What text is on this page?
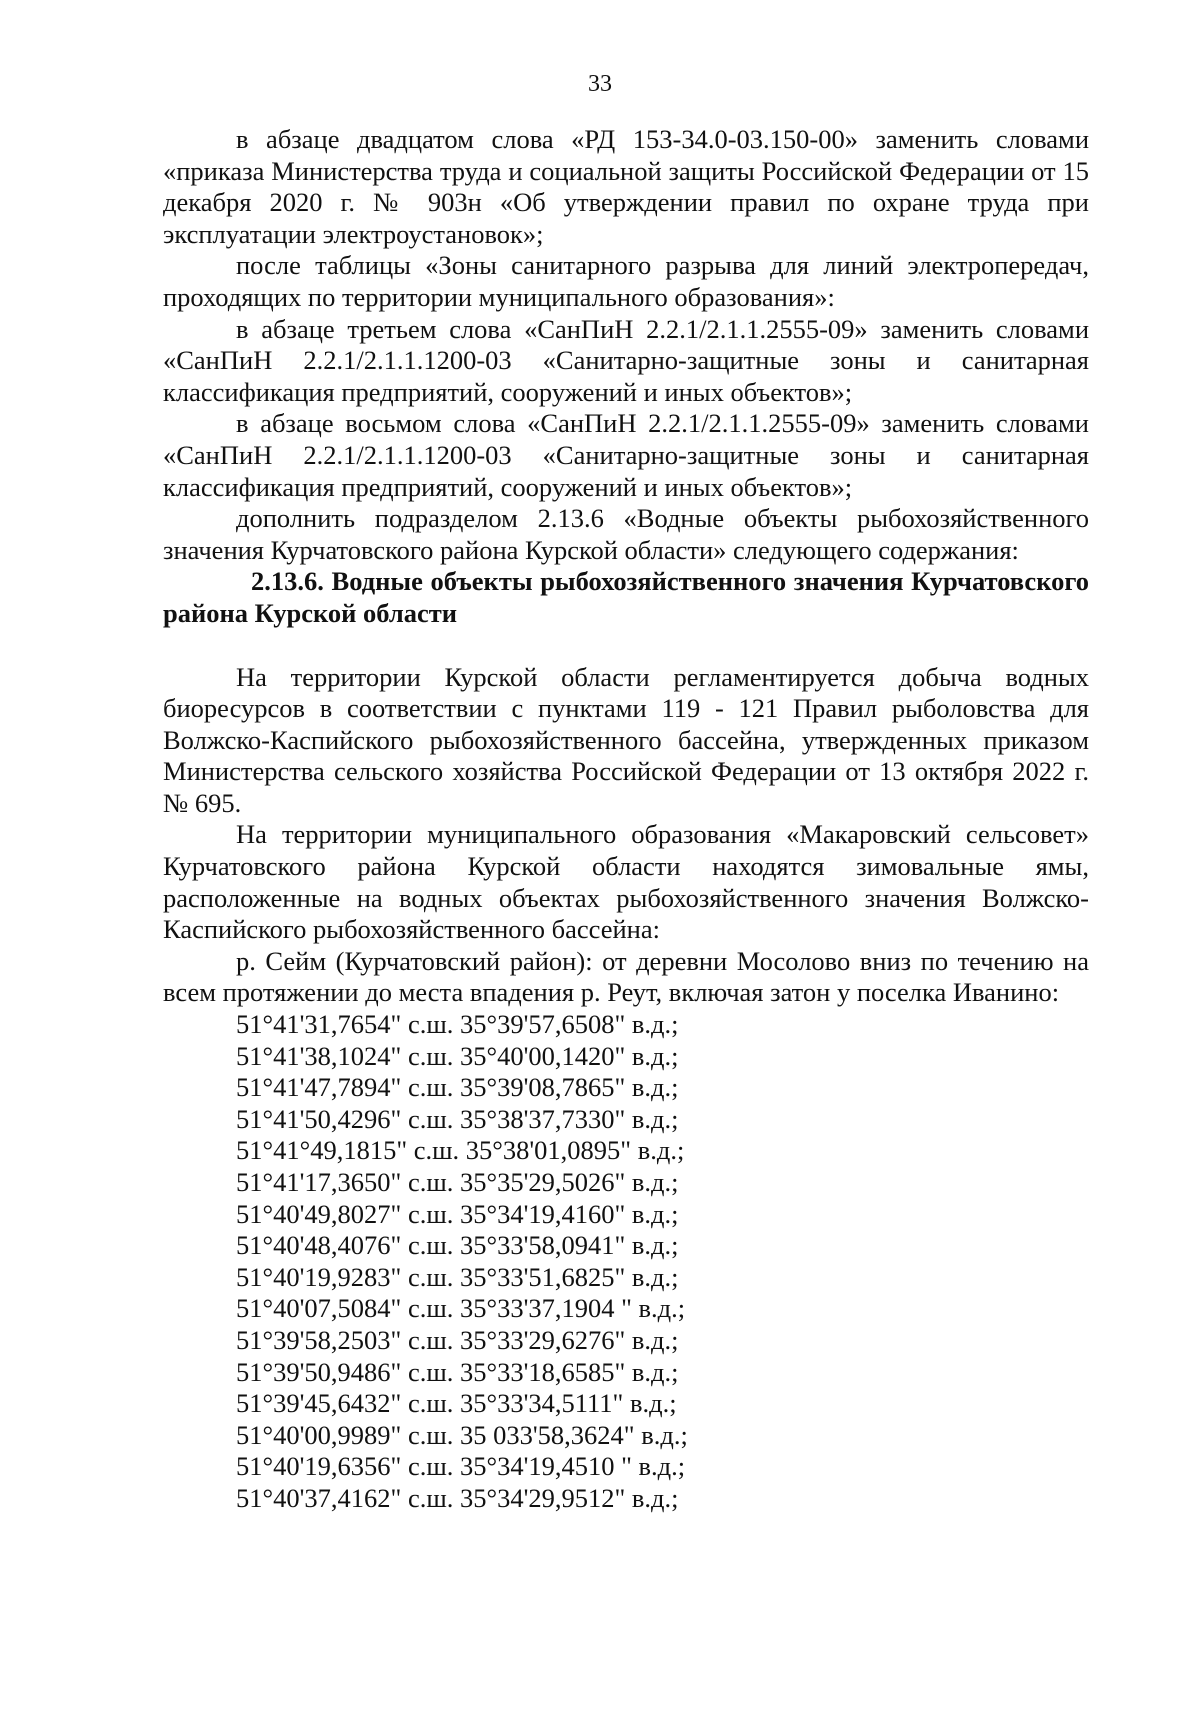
33

в абзаце двадцатом слова «РД 153-34.0-03.150-00» заменить словами «приказа Министерства труда и социальной защиты Российской Федерации от 15 декабря 2020 г. № 903н «Об утверждении правил по охране труда при эксплуатации электроустановок»;

после таблицы «Зоны санитарного разрыва для линий электропередач, проходящих по территории муниципального образования»:

в абзаце третьем слова «СанПиН 2.2.1/2.1.1.2555-09» заменить словами «СанПиН 2.2.1/2.1.1.1200-03 «Санитарно-защитные зоны и санитарная классификация предприятий, сооружений и иных объектов»;

в абзаце восьмом слова «СанПиН 2.2.1/2.1.1.2555-09» заменить словами «СанПиН 2.2.1/2.1.1.1200-03 «Санитарно-защитные зоны и санитарная классификация предприятий, сооружений и иных объектов»;

дополнить подразделом 2.13.6 «Водные объекты рыбохозяйственного значения Курчатовского района Курской области» следующего содержания:

2.13.6. Водные объекты рыбохозяйственного значения Курчатовского района Курской области

На территории Курской области регламентируется добыча водных биоресурсов в соответствии с пунктами 119 - 121 Правил рыболовства для Волжско-Каспийского рыбохозяйственного бассейна, утвержденных приказом Министерства сельского хозяйства Российской Федерации от 13 октября 2022 г. № 695.

На территории муниципального образования «Макаровский сельсовет» Курчатовского района Курской области находятся зимовальные ямы, расположенные на водных объектах рыбохозяйственного значения Волжско-Каспийского рыбохозяйственного бассейна:

р. Сейм (Курчатовский район): от деревни Мосолово вниз по течению на всем протяжении до места впадения р. Реут, включая затон у поселка Иванино:

51°41'31,7654" с.ш. 35°39'57,6508" в.д.;
51°41'38,1024" с.ш. 35°40'00,1420" в.д.;
51°41'47,7894" с.ш. 35°39'08,7865" в.д.;
51°41'50,4296" с.ш. 35°38'37,7330" в.д.;
51°41°49,1815" с.ш. 35°38'01,0895" в.д.;
51°41'17,3650" с.ш. 35°35'29,5026" в.д.;
51°40'49,8027" с.ш. 35°34'19,4160" в.д.;
51°40'48,4076" с.ш. 35°33'58,0941" в.д.;
51°40'19,9283" с.ш. 35°33'51,6825" в.д.;
51°40'07,5084" с.ш. 35°33'37,1904 " в.д.;
51°39'58,2503" с.ш. 35°33'29,6276" в.д.;
51°39'50,9486" с.ш. 35°33'18,6585" в.д.;
51°39'45,6432" с.ш. 35°33'34,5111" в.д.;
51°40'00,9989" с.ш. 35 033'58,3624" в.д.;
51°40'19,6356" с.ш. 35°34'19,4510 " в.д.;
51°40'37,4162" с.ш. 35°34'29,9512" в.д.;
